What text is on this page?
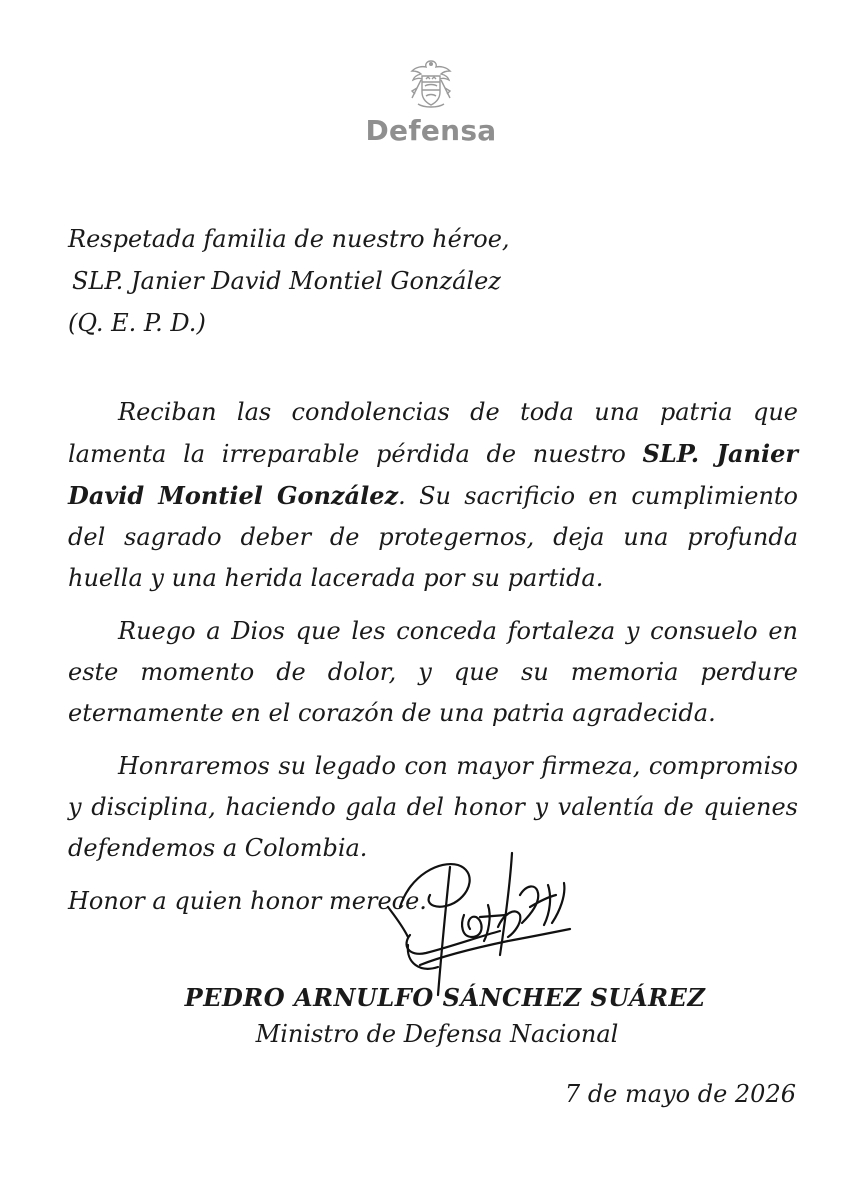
Defensa
Respetada familia de nuestro héroe,
SLP. Janier David Montiel González
(Q. E. P. D.)

Reciban las condolencias de toda una patria que lamenta la irreparable pérdida de nuestro SLP. Janier David Montiel González. Su sacrificio en cumplimiento del sagrado deber de protegernos, deja una profunda huella y una herida lacerada por su partida.

Ruego a Dios que les conceda fortaleza y consuelo en este momento de dolor, y que su memoria perdure eternamente en el corazón de una patria agradecida.

Honraremos su legado con mayor firmeza, compromiso y disciplina, haciendo gala del honor y valentía de quienes defendemos a Colombia.

Honor a quien honor merece.

PEDRO ARNULFO SÁNCHEZ SUÁREZ
Ministro de Defensa Nacional
7 de mayo de 2026
